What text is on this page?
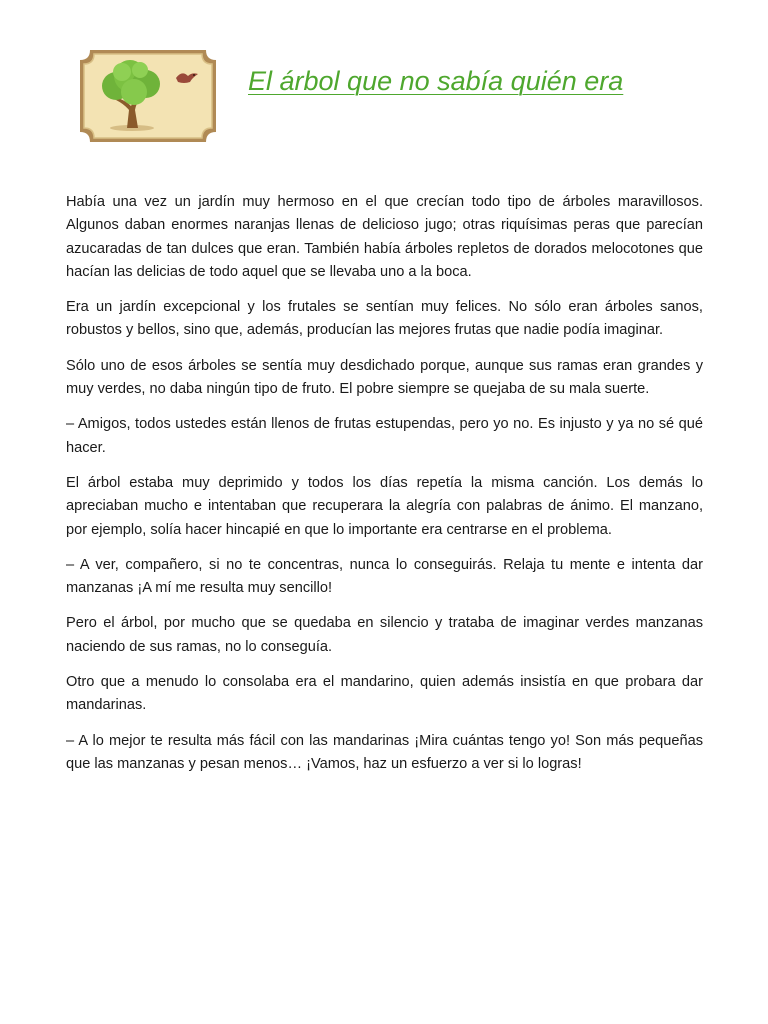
El árbol que no sabía quién era

Había una vez un jardín muy hermoso en el que crecían todo tipo de árboles maravillosos. Algunos daban enormes naranjas llenas de delicioso jugo; otras riquísimas peras que parecían azucaradas de tan dulces que eran. También había árboles repletos de dorados melocotones que hacían las delicias de todo aquel que se llevaba uno a la boca.

Era un jardín excepcional y los frutales se sentían muy felices. No sólo eran árboles sanos, robustos y bellos, sino que, además, producían las mejores frutas que nadie podía imaginar.

Sólo uno de esos árboles se sentía muy desdichado porque, aunque sus ramas eran grandes y muy verdes, no daba ningún tipo de fruto. El pobre siempre se quejaba de su mala suerte.

– Amigos, todos ustedes están llenos de frutas estupendas, pero yo no. Es injusto y ya no sé qué hacer.

El árbol estaba muy deprimido y todos los días repetía la misma canción. Los demás lo apreciaban mucho e intentaban que recuperara la alegría con palabras de ánimo. El manzano, por ejemplo, solía hacer hincapié en que lo importante era centrarse en el problema.

– A ver, compañero, si no te concentras, nunca lo conseguirás. Relaja tu mente e intenta dar manzanas ¡A mí me resulta muy sencillo!

Pero el árbol, por mucho que se quedaba en silencio y trataba de imaginar verdes manzanas naciendo de sus ramas, no lo conseguía.

Otro que a menudo lo consolaba era el mandarino, quien además insistía en que probara dar mandarinas.

– A lo mejor te resulta más fácil con las mandarinas ¡Mira cuántas tengo yo! Son más pequeñas que las manzanas y pesan menos… ¡Vamos, haz un esfuerzo a ver si lo logras!
